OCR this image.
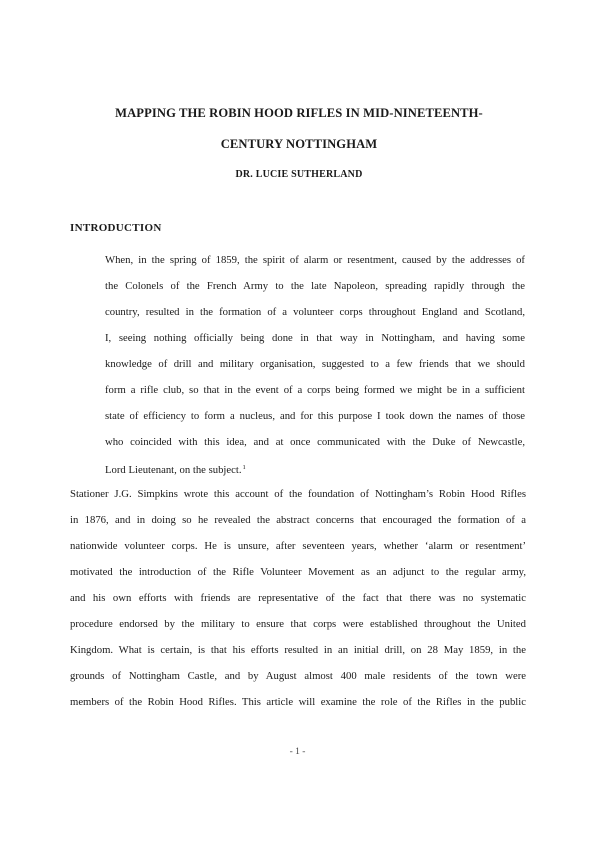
MAPPING THE ROBIN HOOD RIFLES IN MID-NINETEENTH-
CENTURY NOTTINGHAM
DR. LUCIE SUTHERLAND
INTRODUCTION
When, in the spring of 1859, the spirit of alarm or resentment, caused by the addresses of
the Colonels of the French Army to the late Napoleon, spreading rapidly through the
country, resulted in the formation of a volunteer corps throughout England and Scotland,
I, seeing nothing officially being done in that way in Nottingham, and having some
knowledge of drill and military organisation, suggested to a few friends that we should
form a rifle club, so that in the event of a corps being formed we might be in a sufficient
state of efficiency to form a nucleus, and for this purpose I took down the names of those
who coincided with this idea, and at once communicated with the Duke of Newcastle,
Lord Lieutenant, on the subject.$^1$
Stationer J.G. Simpkins wrote this account of the foundation of Nottingham’s Robin Hood Rifles
in 1876, and in doing so he revealed the abstract concerns that encouraged the formation of a
nationwide volunteer corps. He is unsure, after seventeen years, whether ‘alarm or resentment’
motivated the introduction of the Rifle Volunteer Movement as an adjunct to the regular army,
and his own efforts with friends are representative of the fact that there was no systematic
procedure endorsed by the military to ensure that corps were established throughout the United
Kingdom. What is certain, is that his efforts resulted in an initial drill, on 28 May 1859, in the
grounds of Nottingham Castle, and by August almost 400 male residents of the town were
members of the Robin Hood Rifles. This article will examine the role of the Rifles in the public
- 1 -
